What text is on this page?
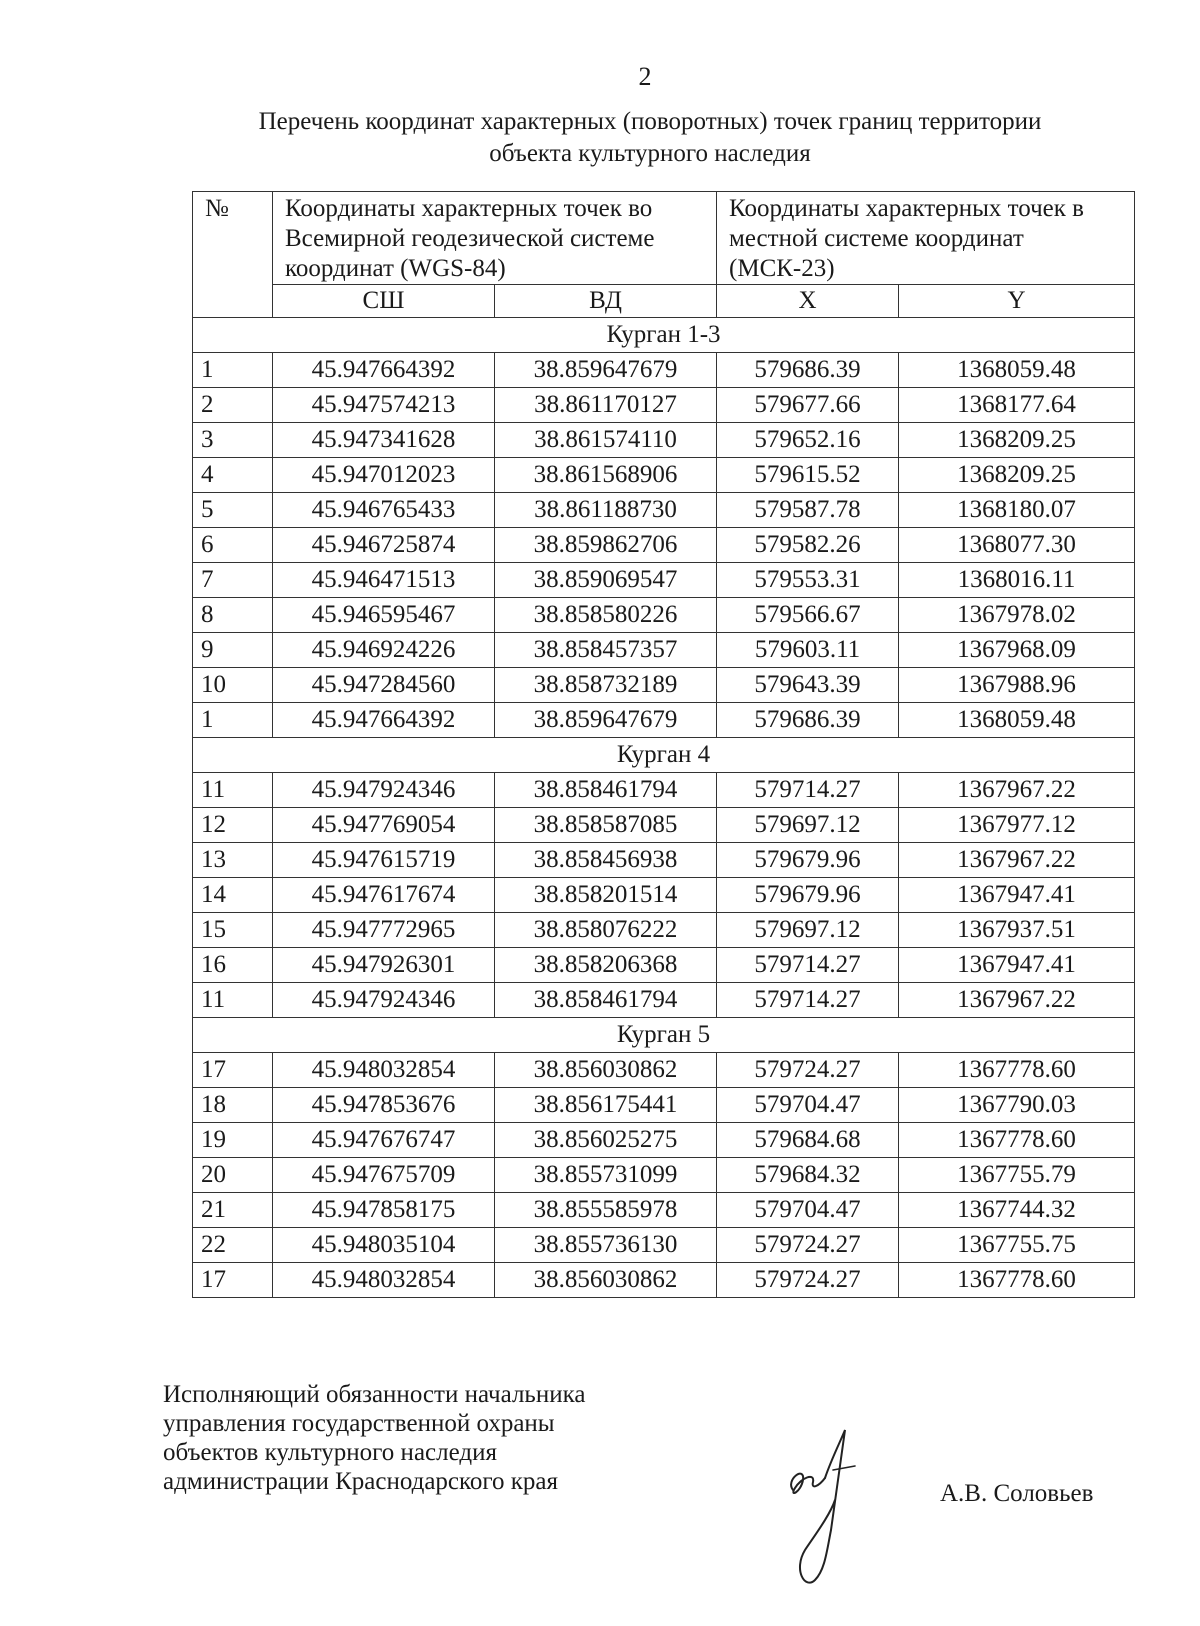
2
Перечень координат характерных (поворотных) точек границ территории
объекта культурного наследия
№	Координаты характерных точек во Всемирной геодезической системе координат (WGS-84)		Координаты характерных точек в местной системе координат (МСК-23)	
	СШ	ВД	X	Y
Курган 1-3				
1	45.947664392	38.859647679	579686.39	1368059.48
2	45.947574213	38.861170127	579677.66	1368177.64
3	45.947341628	38.861574110	579652.16	1368209.25
4	45.947012023	38.861568906	579615.52	1368209.25
5	45.946765433	38.861188730	579587.78	1368180.07
6	45.946725874	38.859862706	579582.26	1368077.30
7	45.946471513	38.859069547	579553.31	1368016.11
8	45.946595467	38.858580226	579566.67	1367978.02
9	45.946924226	38.858457357	579603.11	1367968.09
10	45.947284560	38.858732189	579643.39	1367988.96
1	45.947664392	38.859647679	579686.39	1368059.48
Курган 4				
11	45.947924346	38.858461794	579714.27	1367967.22
12	45.947769054	38.858587085	579697.12	1367977.12
13	45.947615719	38.858456938	579679.96	1367967.22
14	45.947617674	38.858201514	579679.96	1367947.41
15	45.947772965	38.858076222	579697.12	1367937.51
16	45.947926301	38.858206368	579714.27	1367947.41
11	45.947924346	38.858461794	579714.27	1367967.22
Курган 5				
17	45.948032854	38.856030862	579724.27	1367778.60
18	45.947853676	38.856175441	579704.47	1367790.03
19	45.947676747	38.856025275	579684.68	1367778.60
20	45.947675709	38.855731099	579684.32	1367755.79
21	45.947858175	38.855585978	579704.47	1367744.32
22	45.948035104	38.855736130	579724.27	1367755.75
17	45.948032854	38.856030862	579724.27	1367778.60
Исполняющий обязанности начальника
управления государственной охраны
объектов культурного наследия
администрации Краснодарского края	А.В. Соловьев
